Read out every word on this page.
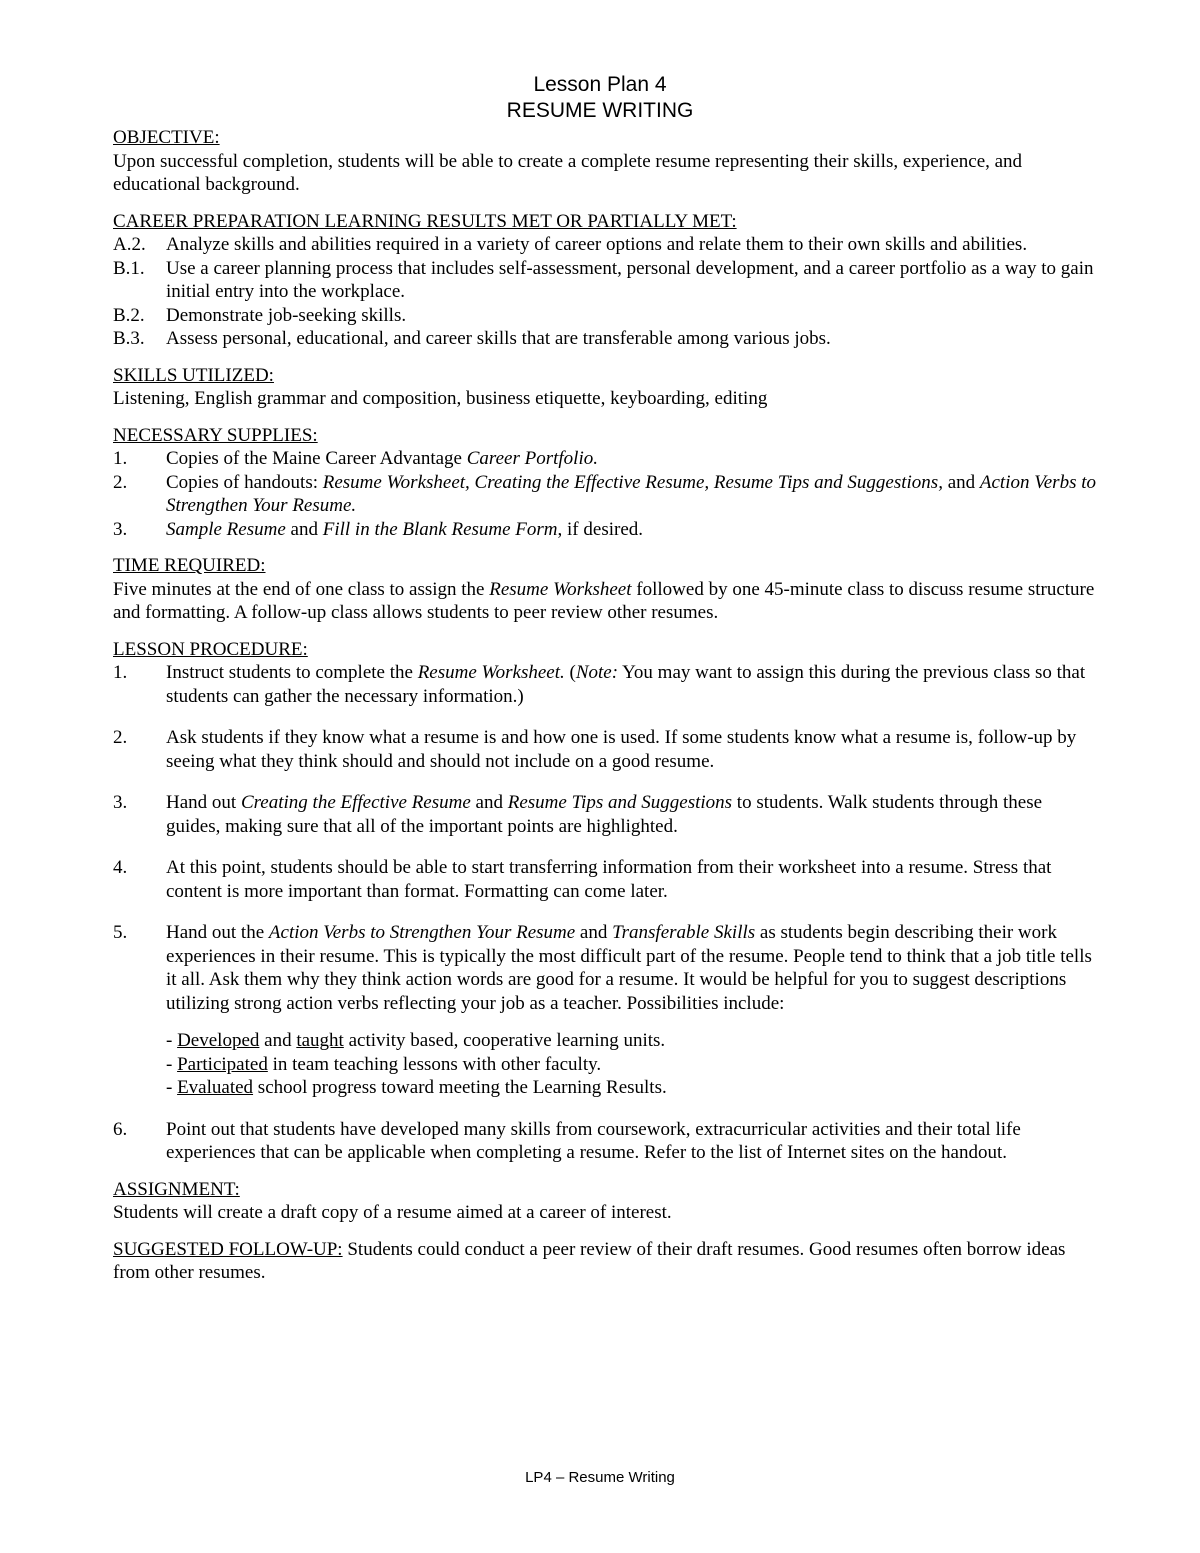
Lesson Plan 4
RESUME WRITING
OBJECTIVE:
Upon successful completion, students will be able to create a complete resume representing their skills, experience, and educational background.
CAREER PREPARATION LEARNING RESULTS MET OR PARTIALLY MET:
A.2.	Analyze skills and abilities required in a variety of career options and relate them to their own skills and abilities.
B.1.	Use a career planning process that includes self-assessment, personal development, and a career portfolio as a way to gain initial entry into the workplace.
B.2.	Demonstrate job-seeking skills.
B.3.	Assess personal, educational, and career skills that are transferable among various jobs.
SKILLS UTILIZED:
Listening, English grammar and composition, business etiquette, keyboarding, editing
NECESSARY SUPPLIES:
1.	Copies of the Maine Career Advantage Career Portfolio.
2.	Copies of handouts: Resume Worksheet, Creating the Effective Resume, Resume Tips and Suggestions, and Action Verbs to Strengthen Your Resume.
3.	Sample Resume and Fill in the Blank Resume Form, if desired.
TIME REQUIRED:
Five minutes at the end of one class to assign the Resume Worksheet followed by one 45-minute class to discuss resume structure and formatting. A follow-up class allows students to peer review other resumes.
LESSON PROCEDURE:
1.	Instruct students to complete the Resume Worksheet. (Note: You may want to assign this during the previous class so that students can gather the necessary information.)
2.	Ask students if they know what a resume is and how one is used. If some students know what a resume is, follow-up by seeing what they think should and should not include on a good resume.
3.	Hand out Creating the Effective Resume and Resume Tips and Suggestions to students. Walk students through these guides, making sure that all of the important points are highlighted.
4.	At this point, students should be able to start transferring information from their worksheet into a resume. Stress that content is more important than format. Formatting can come later.
5.	Hand out the Action Verbs to Strengthen Your Resume and Transferable Skills as students begin describing their work experiences in their resume. This is typically the most difficult part of the resume. People tend to think that a job title tells it all. Ask them why they think action words are good for a resume. It would be helpful for you to suggest descriptions utilizing strong action verbs reflecting your job as a teacher. Possibilities include:
- Developed and taught activity based, cooperative learning units.
- Participated in team teaching lessons with other faculty.
- Evaluated school progress toward meeting the Learning Results.
6.	Point out that students have developed many skills from coursework, extracurricular activities and their total life experiences that can be applicable when completing a resume. Refer to the list of Internet sites on the handout.
ASSIGNMENT:
Students will create a draft copy of a resume aimed at a career of interest.
SUGGESTED FOLLOW-UP: Students could conduct a peer review of their draft resumes. Good resumes often borrow ideas from other resumes.
LP4 – Resume Writing
